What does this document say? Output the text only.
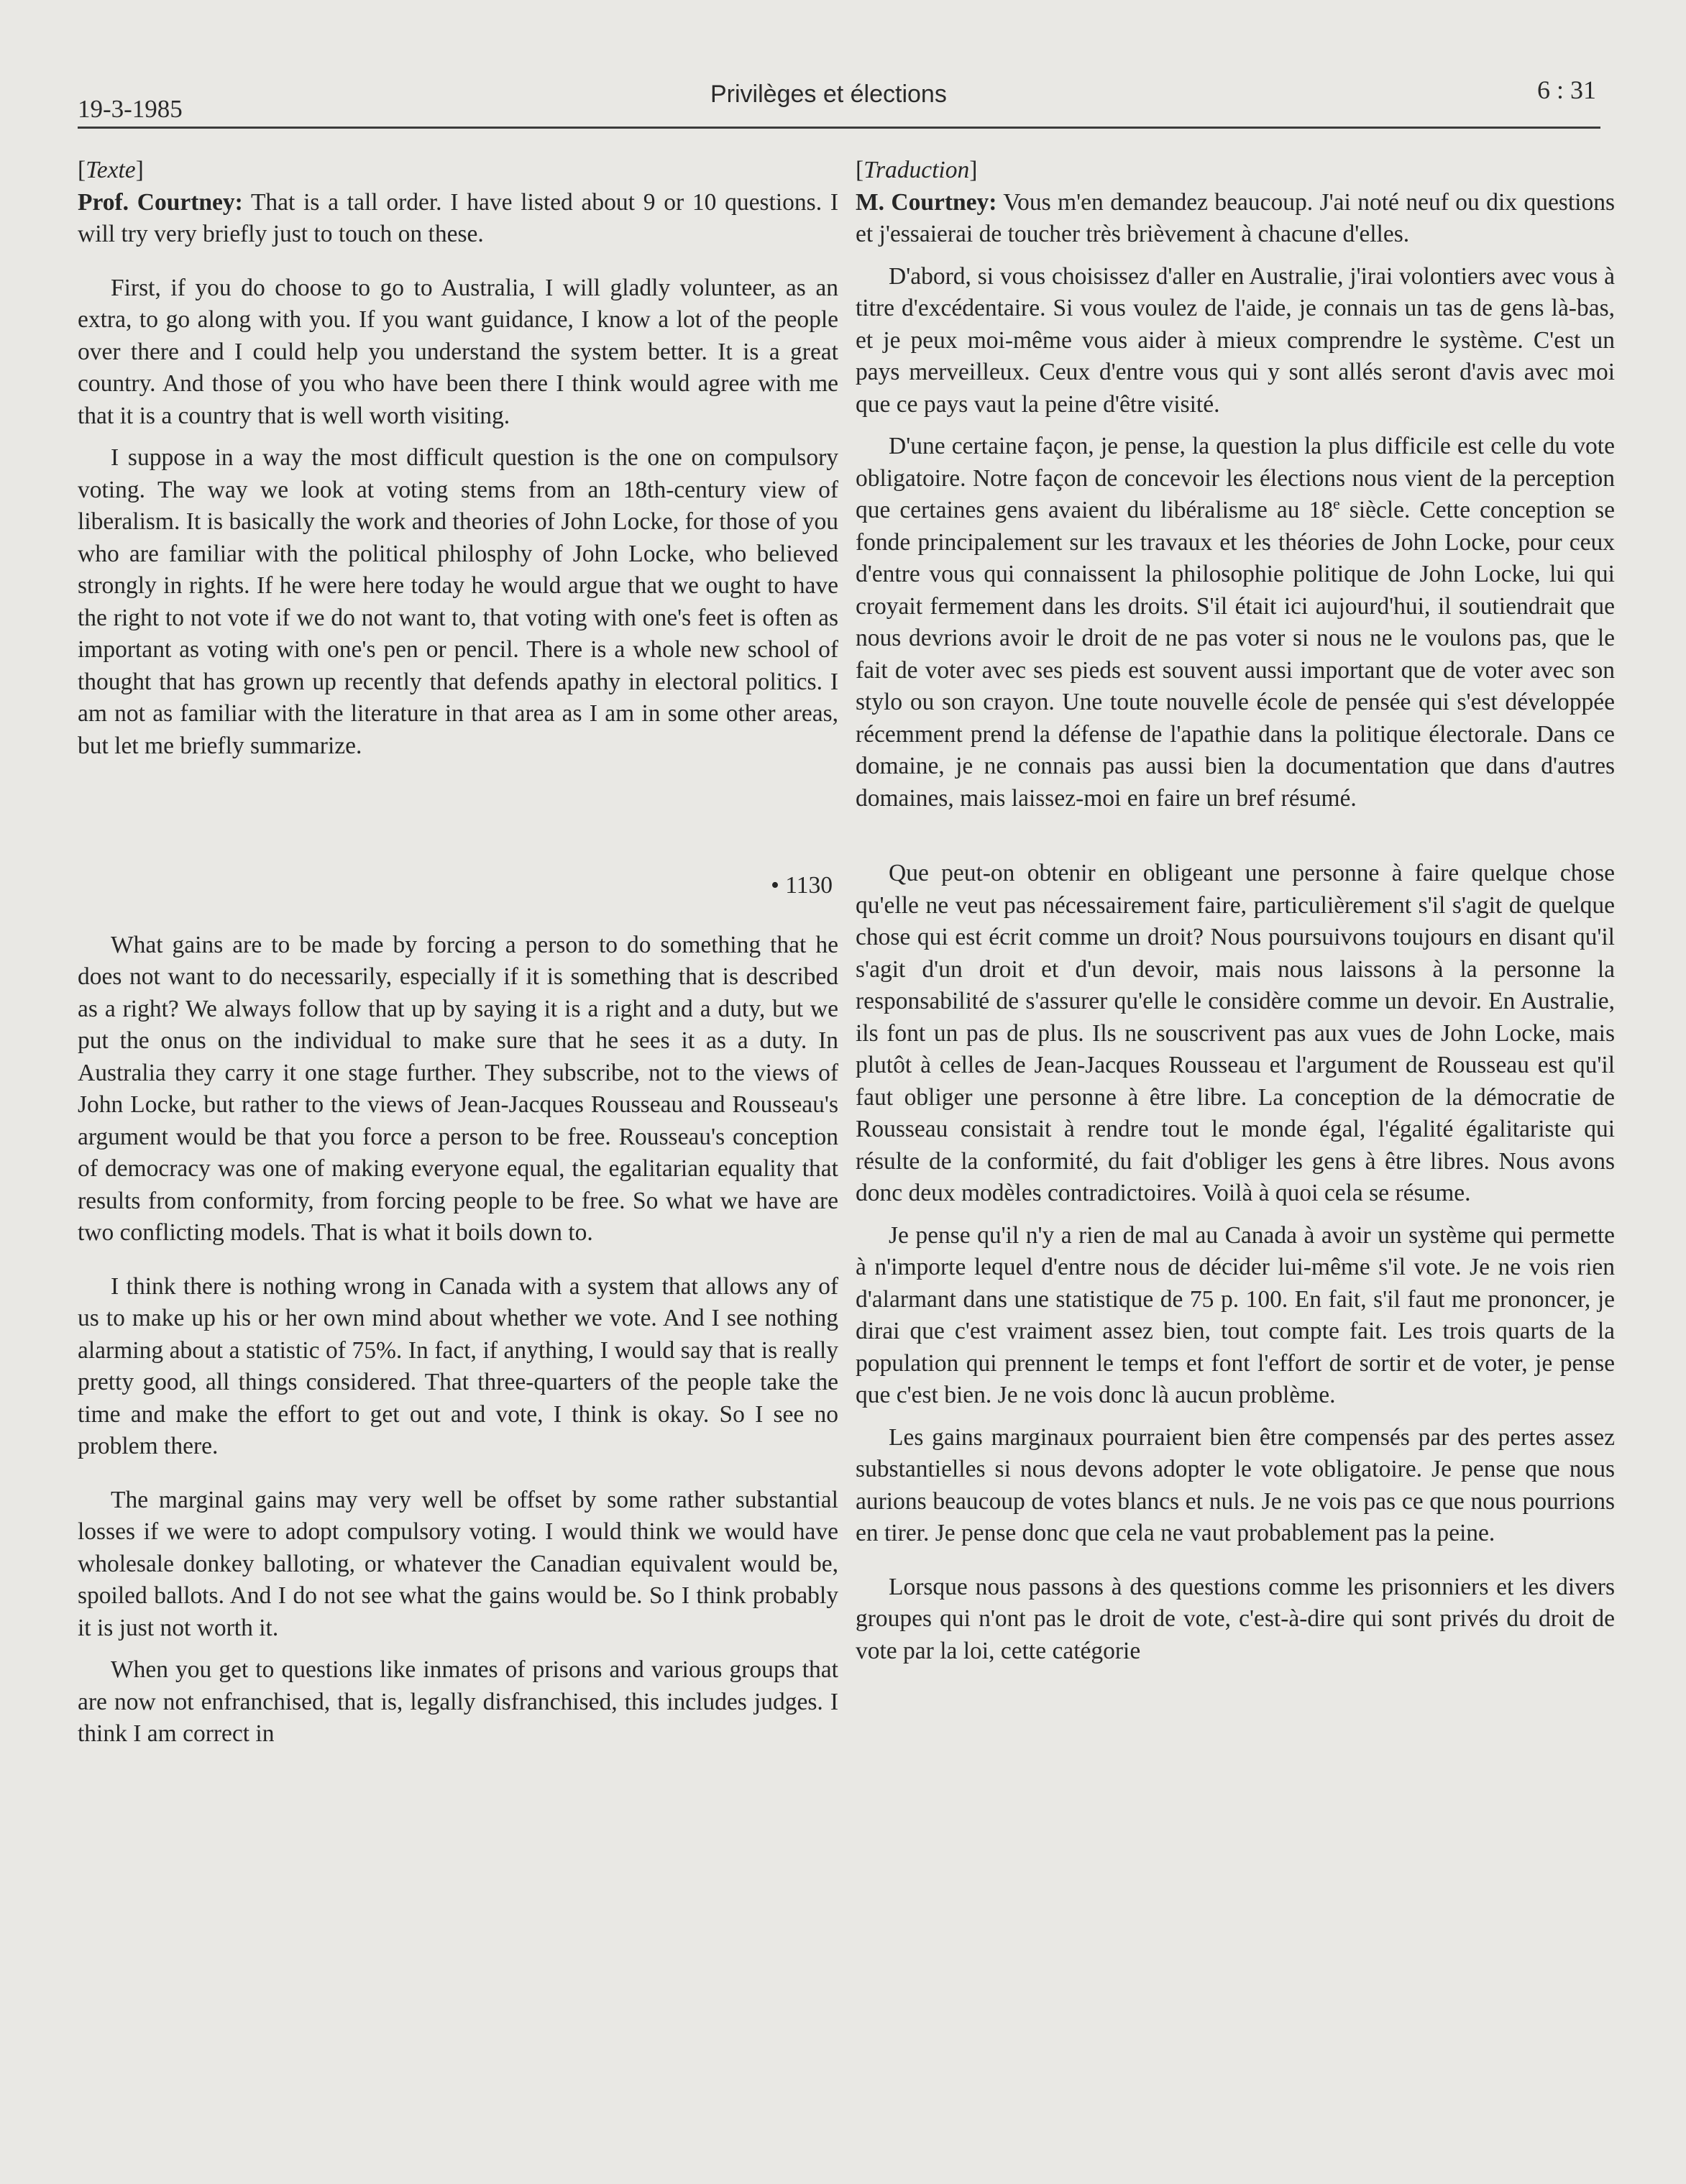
19-3-1985
Privilèges et élections	6 : 31

[Texte]

Prof. Courtney: That is a tall order. I have listed about 9 or 10 questions. I will try very briefly just to touch on these.

First, if you do choose to go to Australia, I will gladly volunteer, as an extra, to go along with you. If you want guidance, I know a lot of the people over there and I could help you understand the system better. It is a great country. And those of you who have been there I think would agree with me that it is a country that is well worth visiting.

I suppose in a way the most difficult question is the one on compulsory voting. The way we look at voting stems from an 18th-century view of liberalism. It is basically the work and theories of John Locke, for those of you who are familiar with the political philosphy of John Locke, who believed strongly in rights. If he were here today he would argue that we ought to have the right to not vote if we do not want to, that voting with one's feet is often as important as voting with one's pen or pencil. There is a whole new school of thought that has grown up recently that defends apathy in electoral politics. I am not as familiar with the literature in that area as I am in some other areas, but let me briefly summarize.

• 1130

What gains are to be made by forcing a person to do something that he does not want to do necessarily, especially if it is something that is described as a right? We always follow that up by saying it is a right and a duty, but we put the onus on the individual to make sure that he sees it as a duty. In Australia they carry it one stage further. They subscribe, not to the views of John Locke, but rather to the views of Jean-Jacques Rousseau and Rousseau's argument would be that you force a person to be free. Rousseau's conception of democracy was one of making everyone equal, the egalitarian equality that results from conformity, from forcing people to be free. So what we have are two conflicting models. That is what it boils down to.

I think there is nothing wrong in Canada with a system that allows any of us to make up his or her own mind about whether we vote. And I see nothing alarming about a statistic of 75%. In fact, if anything, I would say that is really pretty good, all things considered. That three-quarters of the people take the time and make the effort to get out and vote, I think is okay. So I see no problem there.

The marginal gains may very well be offset by some rather substantial losses if we were to adopt compulsory voting. I would think we would have wholesale donkey balloting, or whatever the Canadian equivalent would be, spoiled ballots. And I do not see what the gains would be. So I think probably it is just not worth it.

When you get to questions like inmates of prisons and various groups that are now not enfranchised, that is, legally disfranchised, this includes judges. I think I am correct in

[Traduction]

M. Courtney: Vous m'en demandez beaucoup. J'ai noté neuf ou dix questions et j'essaierai de toucher très brièvement à chacune d'elles.

D'abord, si vous choisissez d'aller en Australie, j'irai volontiers avec vous à titre d'excédentaire. Si vous voulez de l'aide, je connais un tas de gens là-bas, et je peux moi-même vous aider à mieux comprendre le système. C'est un pays merveilleux. Ceux d'entre vous qui y sont allés seront d'avis avec moi que ce pays vaut la peine d'être visité.

D'une certaine façon, je pense, la question la plus difficile est celle du vote obligatoire. Notre façon de concevoir les élections nous vient de la perception que certaines gens avaient du libéralisme au 18e siècle. Cette conception se fonde principalement sur les travaux et les théories de John Locke, pour ceux d'entre vous qui connaissent la philosophie politique de John Locke, lui qui croyait fermement dans les droits. S'il était ici aujourd'hui, il soutiendrait que nous devrions avoir le droit de ne pas voter si nous ne le voulons pas, que le fait de voter avec ses pieds est souvent aussi important que de voter avec son stylo ou son crayon. Une toute nouvelle école de pensée qui s'est développée récemment prend la défense de l'apathie dans la politique électorale. Dans ce domaine, je ne connais pas aussi bien la documentation que dans d'autres domaines, mais laissez-moi en faire un bref résumé.

Que peut-on obtenir en obligeant une personne à faire quelque chose qu'elle ne veut pas nécessairement faire, particulièrement s'il s'agit de quelque chose qui est écrit comme un droit? Nous poursuivons toujours en disant qu'il s'agit d'un droit et d'un devoir, mais nous laissons à la personne la responsabilité de s'assurer qu'elle le considère comme un devoir. En Australie, ils font un pas de plus. Ils ne souscrivent pas aux vues de John Locke, mais plutôt à celles de Jean-Jacques Rousseau et l'argument de Rousseau est qu'il faut obliger une personne à être libre. La conception de la démocratie de Rousseau consistait à rendre tout le monde égal, l'égalité égalitariste qui résulte de la conformité, du fait d'obliger les gens à être libres. Nous avons donc deux modèles contradictoires. Voilà à quoi cela se résume.

Je pense qu'il n'y a rien de mal au Canada à avoir un système qui permette à n'importe lequel d'entre nous de décider lui-même s'il vote. Je ne vois rien d'alarmant dans une statistique de 75 p. 100. En fait, s'il faut me prononcer, je dirai que c'est vraiment assez bien, tout compte fait. Les trois quarts de la population qui prennent le temps et font l'effort de sortir et de voter, je pense que c'est bien. Je ne vois donc là aucun problème.

Les gains marginaux pourraient bien être compensés par des pertes assez substantielles si nous devons adopter le vote obligatoire. Je pense que nous aurions beaucoup de votes blancs et nuls. Je ne vois pas ce que nous pourrions en tirer. Je pense donc que cela ne vaut probablement pas la peine.

Lorsque nous passons à des questions comme les prisonniers et les divers groupes qui n'ont pas le droit de vote, c'est-à-dire qui sont privés du droit de vote par la loi, cette catégorie
